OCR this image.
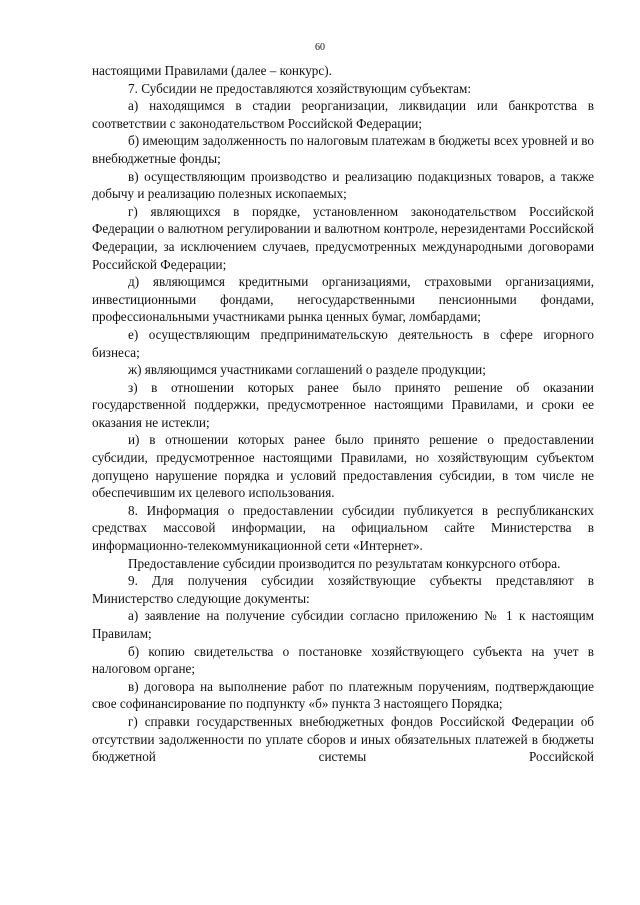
60

настоящими Правилами (далее – конкурс).

7. Субсидии не предоставляются хозяйствующим субъектам:

а) находящимся в стадии реорганизации, ликвидации или банкротства в соответствии с законодательством Российской Федерации;

б) имеющим задолженность по налоговым платежам в бюджеты всех уровней и во внебюджетные фонды;

в) осуществляющим производство и реализацию подакцизных товаров, а также добычу и реализацию полезных ископаемых;

г) являющихся в порядке, установленном законодательством Российской Федерации о валютном регулировании и валютном контроле, нерезидентами Российской Федерации, за исключением случаев, предусмотренных международными договорами Российской Федерации;

д) являющимся кредитными организациями, страховыми организациями, инвестиционными фондами, негосударственными пенсионными фондами, профессиональными участниками рынка ценных бумаг, ломбардами;

е) осуществляющим предпринимательскую деятельность в сфере игорного бизнеса;

ж) являющимся участниками соглашений о разделе продукции;

з) в отношении которых ранее было принято решение об оказании государственной поддержки, предусмотренное настоящими Правилами, и сроки ее оказания не истекли;

и) в отношении которых ранее было принято решение о предоставлении субсидии, предусмотренное настоящими Правилами, но хозяйствующим субъектом допущено нарушение порядка и условий предоставления субсидии, в том числе не обеспечившим их целевого использования.

8. Информация о предоставлении субсидии публикуется в республиканских средствах массовой информации, на официальном сайте Министерства в информационно-телекоммуникационной сети «Интернет».

Предоставление субсидии производится по результатам конкурсного отбора.

9. Для получения субсидии хозяйствующие субъекты представляют в Министерство следующие документы:

а) заявление на получение субсидии согласно приложению № 1 к настоящим Правилам;

б) копию свидетельства о постановке хозяйствующего субъекта на учет в налоговом органе;

в) договора на выполнение работ по платежным поручениям, подтверждающие свое софинансирование по подпункту «б» пункта 3 настоящего Порядка;

г) справки государственных внебюджетных фондов Российской Федерации об отсутствии задолженности по уплате сборов и иных обязательных платежей в бюджеты бюджетной системы Российской
